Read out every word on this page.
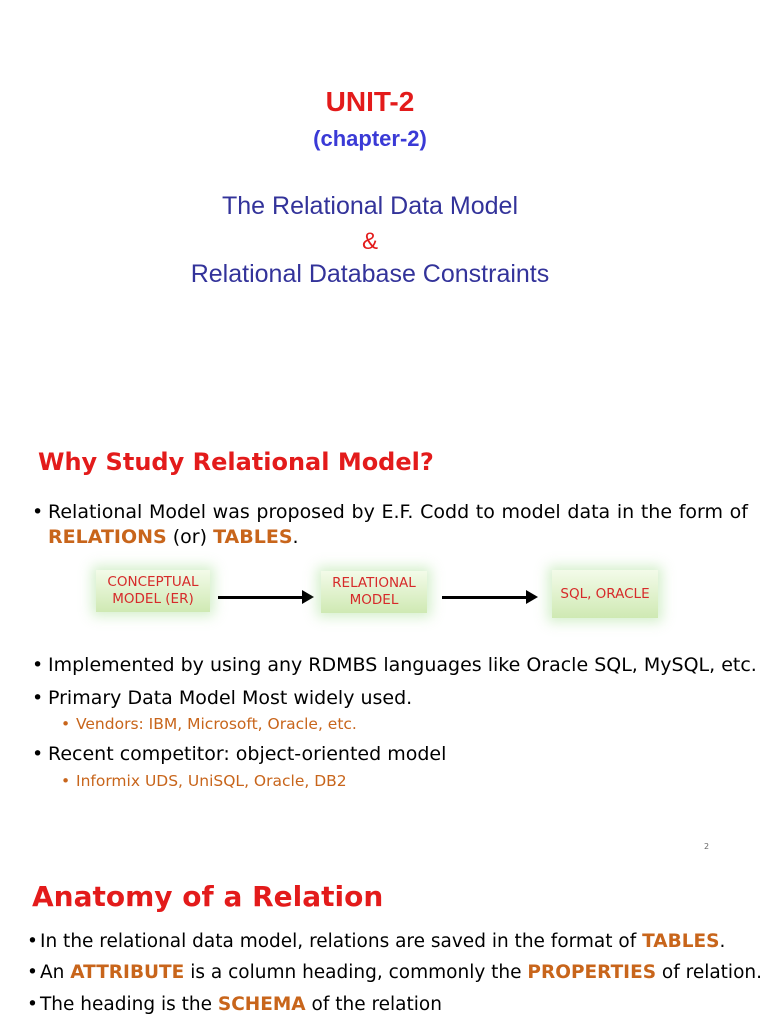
UNIT-2
(chapter-2)
The Relational Data Model
&
Relational Database Constraints
Why Study Relational Model?
• Relational Model was proposed by E.F. Codd to model data in the form of RELATIONS (or) TABLES.
CONCEPTUAL MODEL (ER)
RELATIONAL MODEL	SQL, ORACLE
• Implemented by using any RDMBS languages like Oracle SQL, MySQL, etc.
• Primary Data Model Most widely used.
• Vendors: IBM, Microsoft, Oracle, etc.
• Recent competitor: object-oriented model
• Informix UDS, UniSQL, Oracle, DB2
2
Anatomy of a Relation
• In the relational data model, relations are saved in the format of TABLES.
• An ATTRIBUTE is a column heading, commonly the PROPERTIES of relation.
• The heading is the SCHEMA of the relation
